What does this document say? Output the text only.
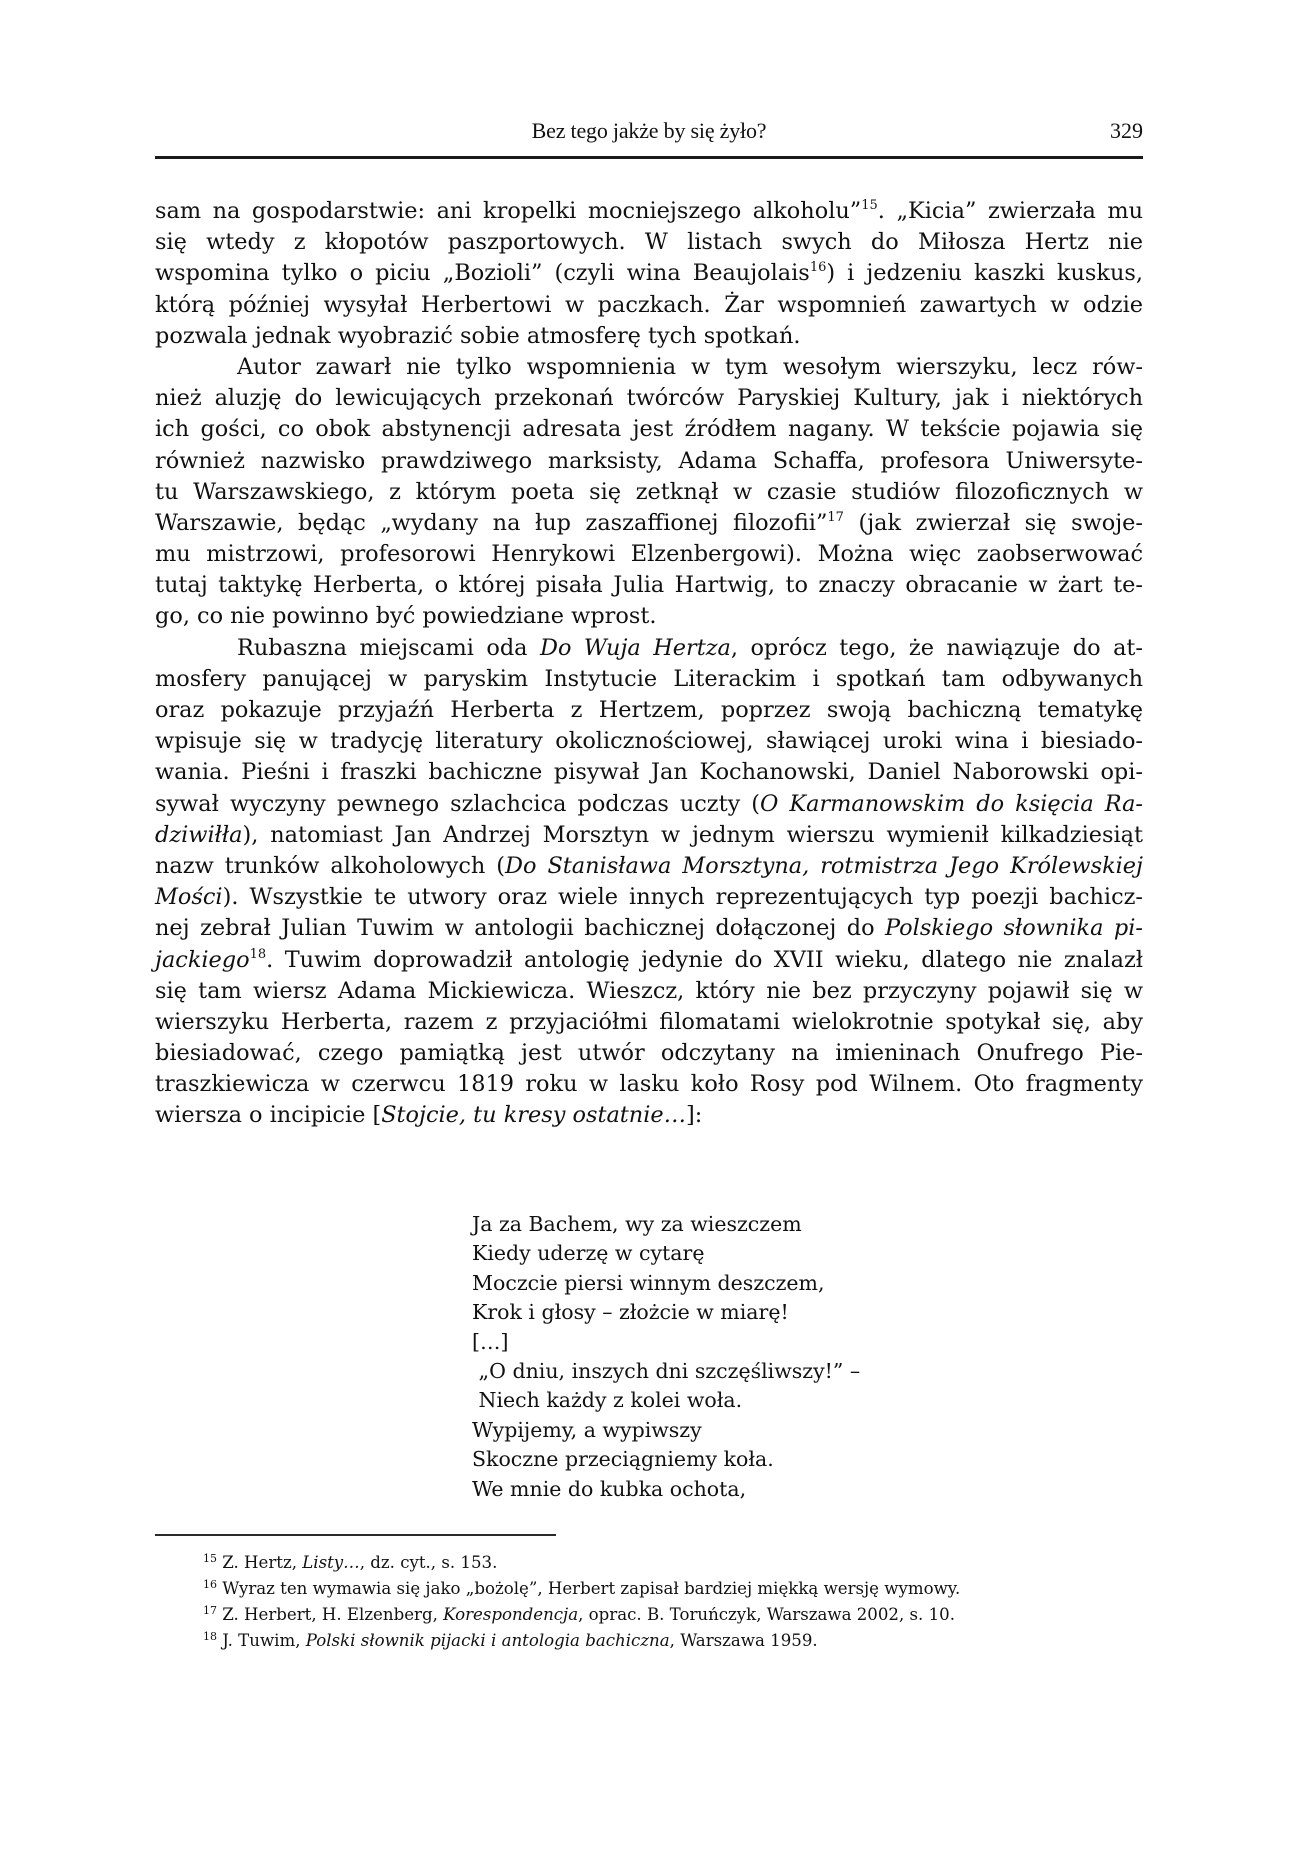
Bez tego jakże by się żyło?	329
sam na gospodarstwie: ani kropelki mocniejszego alkoholu”$^{15}$. „Kicia” zwierzała mu
się wtedy z kłopotów paszportowych. W listach swych do Miłosza Hertz nie
wspomina tylko o piciu „Bozioli” (czyli wina Beaujolais$^{16}$) i jedzeniu kaszki kuskus,
którą później wysyłał Herbertowi w paczkach. Żar wspomnień zawartych w odzie
pozwala jednak wyobrazić sobie atmosferę tych spotkań.
Autor zawarł nie tylko wspomnienia w tym wesołym wierszyku, lecz rów-
nież aluzję do lewicujących przekonań twórców Paryskiej Kultury, jak i niektórych
ich gości, co obok abstynencji adresata jest źródłem nagany. W tekście pojawia się
również nazwisko prawdziwego marksisty, Adama Schaffa, profesora Uniwersyte-
tu Warszawskiego, z którym poeta się zetknął w czasie studiów filozoficznych w
Warszawie, będąc „wydany na łup zaszaffionej filozofii”$^{17}$ (jak zwierzał się swoje-
mu mistrzowi, profesorowi Henrykowi Elzenbergowi). Można więc zaobserwować
tutaj taktykę Herberta, o której pisała Julia Hartwig, to znaczy obracanie w żart te-
go, co nie powinno być powiedziane wprost.
Rubaszna miejscami oda Do Wuja Hertza, oprócz tego, że nawiązuje do at-
mosfery panującej w paryskim Instytucie Literackim i spotkań tam odbywanych
oraz pokazuje przyjaźń Herberta z Hertzem, poprzez swoją bachiczną tematykę
wpisuje się w tradycję literatury okolicznościowej, sławiącej uroki wina i biesiado-
wania. Pieśni i fraszki bachiczne pisywał Jan Kochanowski, Daniel Naborowski opi-
sywał wyczyny pewnego szlachcica podczas uczty (O Karmanowskim do księcia Ra-
dziwiłła), natomiast Jan Andrzej Morsztyn w jednym wierszu wymienił kilkadziesiąt
nazw trunków alkoholowych (Do Stanisława Morsztyna, rotmistrza Jego Królewskiej
Mości). Wszystkie te utwory oraz wiele innych reprezentujących typ poezji bachicz-
nej zebrał Julian Tuwim w antologii bachicznej dołączonej do Polskiego słownika pi-
jackiego$^{18}$. Tuwim doprowadził antologię jedynie do XVII wieku, dlatego nie znalazł
się tam wiersz Adama Mickiewicza. Wieszcz, który nie bez przyczyny pojawił się w
wierszyku Herberta, razem z przyjaciółmi filomatami wielokrotnie spotykał się, aby
biesiadować, czego pamiątką jest utwór odczytany na imieninach Onufrego Pie-
traszkiewicza w czerwcu 1819 roku w lasku koło Rosy pod Wilnem. Oto fragmenty
wiersza o incipicie [Stojcie, tu kresy ostatnie…]:
Ja za Bachem, wy za wieszczem
Kiedy uderzę w cytarę
Moczcie piersi winnym deszczem,
Krok i głosy – złożcie w miarę!
[…]
„O dniu, inszych dni szczęśliwszy!” –
Niech każdy z kolei woła.
Wypijemy, a wypiwszy
Skoczne przeciągniemy koła.
We mnie do kubka ochota,
$^{15}$ Z. Hertz, Listy…, dz. cyt., s. 153.
$^{16}$ Wyraz ten wymawia się jako „bożolę”, Herbert zapisał bardziej miękką wersję wymowy.
$^{17}$ Z. Herbert, H. Elzenberg, Korespondencja, oprac. B. Toruńczyk, Warszawa 2002, s. 10.
$^{18}$ J. Tuwim, Polski słownik pijacki i antologia bachiczna, Warszawa 1959.
